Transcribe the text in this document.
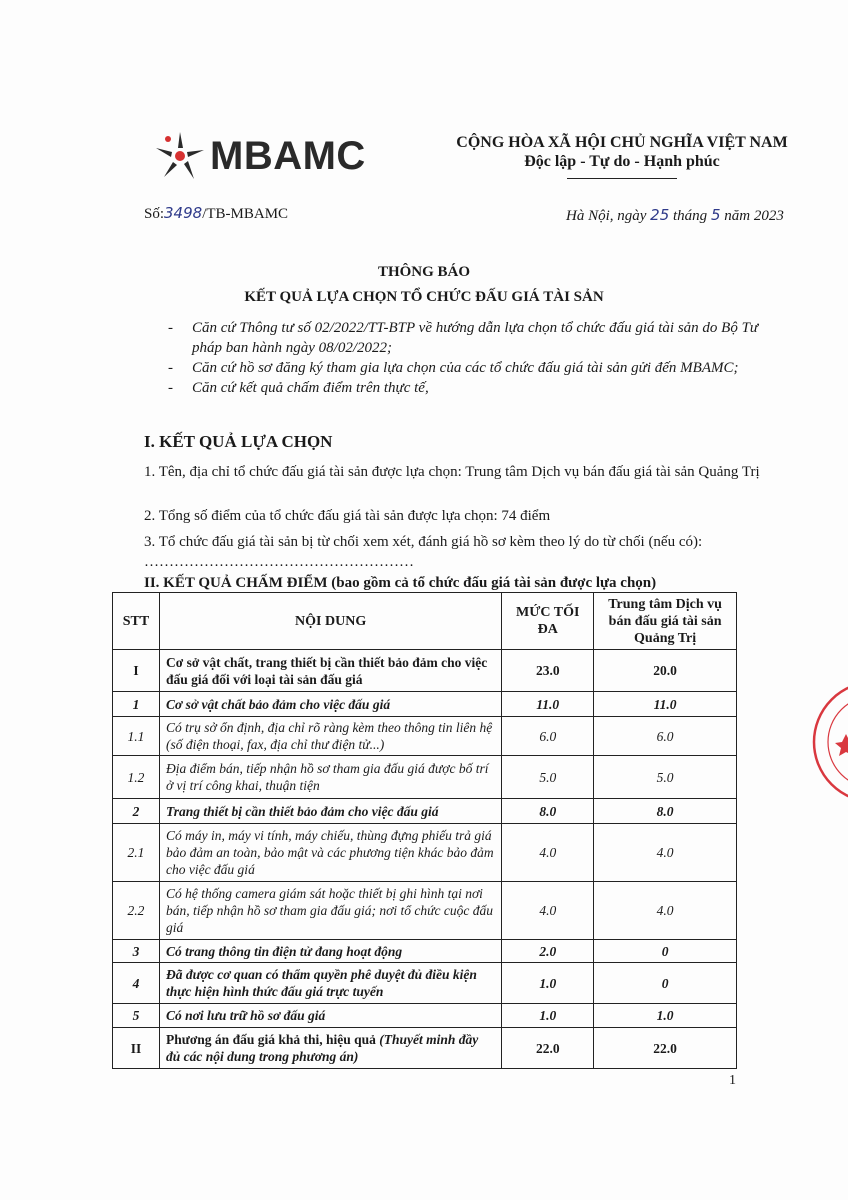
MBAMC	CỘNG HÒA XÃ HỘI CHỦ NGHĨA VIỆT NAM
Độc lập - Tự do - Hạnh phúc
Số:3498/TB-MBAMC	Hà Nội, ngày 25 tháng 5 năm 2023
THÔNG BÁO
KẾT QUẢ LỰA CHỌN TỔ CHỨC ĐẤU GIÁ TÀI SẢN
- Căn cứ Thông tư số 02/2022/TT-BTP về hướng dẫn lựa chọn tổ chức đấu giá tài sản do Bộ Tư pháp ban hành ngày 08/02/2022;
- Căn cứ hồ sơ đăng ký tham gia lựa chọn của các tổ chức đấu giá tài sản gửi đến MBAMC;
- Căn cứ kết quả chấm điểm trên thực tế,
I. KẾT QUẢ LỰA CHỌN
1. Tên, địa chỉ tổ chức đấu giá tài sản được lựa chọn: Trung tâm Dịch vụ bán đấu giá tài sản Quảng Trị
2. Tổng số điểm của tổ chức đấu giá tài sản được lựa chọn: 74 điểm
3. Tổ chức đấu giá tài sản bị từ chối xem xét, đánh giá hồ sơ kèm theo lý do từ chối (nếu có): ………………………………………………
II. KẾT QUẢ CHẤM ĐIỂM (bao gồm cả tổ chức đấu giá tài sản được lựa chọn)
STT	NỘI DUNG	MỨC TỐI ĐA	Trung tâm Dịch vụ bán đấu giá tài sản Quảng Trị
I	Cơ sở vật chất, trang thiết bị cần thiết bảo đảm cho việc đấu giá đối với loại tài sản đấu giá	23.0	20.0
1	Cơ sở vật chất bảo đảm cho việc đấu giá	11.0	11.0
1.1	Có trụ sở ổn định, địa chỉ rõ ràng kèm theo thông tin liên hệ (số điện thoại, fax, địa chỉ thư điện tử...)	6.0	6.0
1.2	Địa điểm bán, tiếp nhận hồ sơ tham gia đấu giá được bố trí ở vị trí công khai, thuận tiện	5.0	5.0
2	Trang thiết bị cần thiết bảo đảm cho việc đấu giá	8.0	8.0
2.1	Có máy in, máy vi tính, máy chiếu, thùng đựng phiếu trả giá bảo đảm an toàn, bảo mật và các phương tiện khác bảo đảm cho việc đấu giá	4.0	4.0
2.2	Có hệ thống camera giám sát hoặc thiết bị ghi hình tại nơi bán, tiếp nhận hồ sơ tham gia đấu giá; nơi tổ chức cuộc đấu giá	4.0	4.0
3	Có trang thông tin điện tử đang hoạt động	2.0	0
4	Đã được cơ quan có thẩm quyền phê duyệt đủ điều kiện thực hiện hình thức đấu giá trực tuyến	1.0	0
5	Có nơi lưu trữ hồ sơ đấu giá	1.0	1.0
II	Phương án đấu giá khả thi, hiệu quả (Thuyết minh đầy đủ các nội dung trong phương án)	22.0	22.0
1
